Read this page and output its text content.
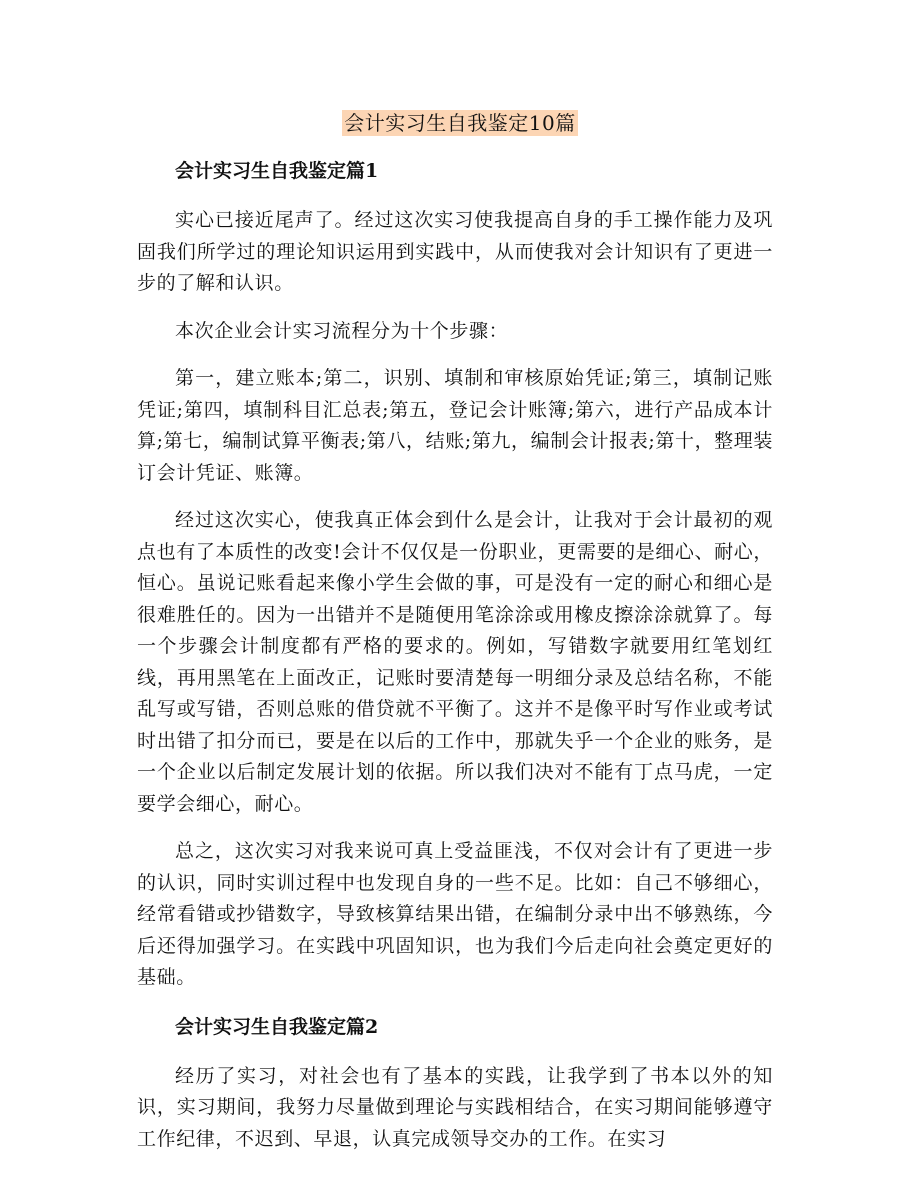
会计实习生自我鉴定10篇
会计实习生自我鉴定篇1

实心已接近尾声了。经过这次实习使我提高自身的手工操作能力及巩固我们所学过的理论知识运用到实践中，从而使我对会计知识有了更进一步的了解和认识。

本次企业会计实习流程分为十个步骤：

第一，建立账本;第二，识别、填制和审核原始凭证;第三，填制记账凭证;第四，填制科目汇总表;第五，登记会计账簿;第六，进行产品成本计算;第七，编制试算平衡表;第八，结账;第九，编制会计报表;第十，整理装订会计凭证、账簿。

经过这次实心，使我真正体会到什么是会计，让我对于会计最初的观点也有了本质性的改变!会计不仅仅是一份职业，更需要的是细心、耐心，恒心。虽说记账看起来像小学生会做的事，可是没有一定的耐心和细心是很难胜任的。因为一出错并不是随便用笔涂涂或用橡皮擦涂涂就算了。每一个步骤会计制度都有严格的要求的。例如，写错数字就要用红笔划红线，再用黑笔在上面改正，记账时要清楚每一明细分录及总结名称，不能乱写或写错，否则总账的借贷就不平衡了。这并不是像平时写作业或考试时出错了扣分而已，要是在以后的工作中，那就失乎一个企业的账务，是一个企业以后制定发展计划的依据。所以我们决对不能有丁点马虎，一定要学会细心，耐心。

总之，这次实习对我来说可真上受益匪浅，不仅对会计有了更进一步的认识，同时实训过程中也发现自身的一些不足。比如：自己不够细心，经常看错或抄错数字，导致核算结果出错，在编制分录中出不够熟练，今后还得加强学习。在实践中巩固知识，也为我们今后走向社会奠定更好的基础。

会计实习生自我鉴定篇2

经历了实习，对社会也有了基本的实践，让我学到了书本以外的知识，实习期间，我努力尽量做到理论与实践相结合，在实习期间能够遵守工作纪律，不迟到、早退，认真完成领导交办的工作。在实习
